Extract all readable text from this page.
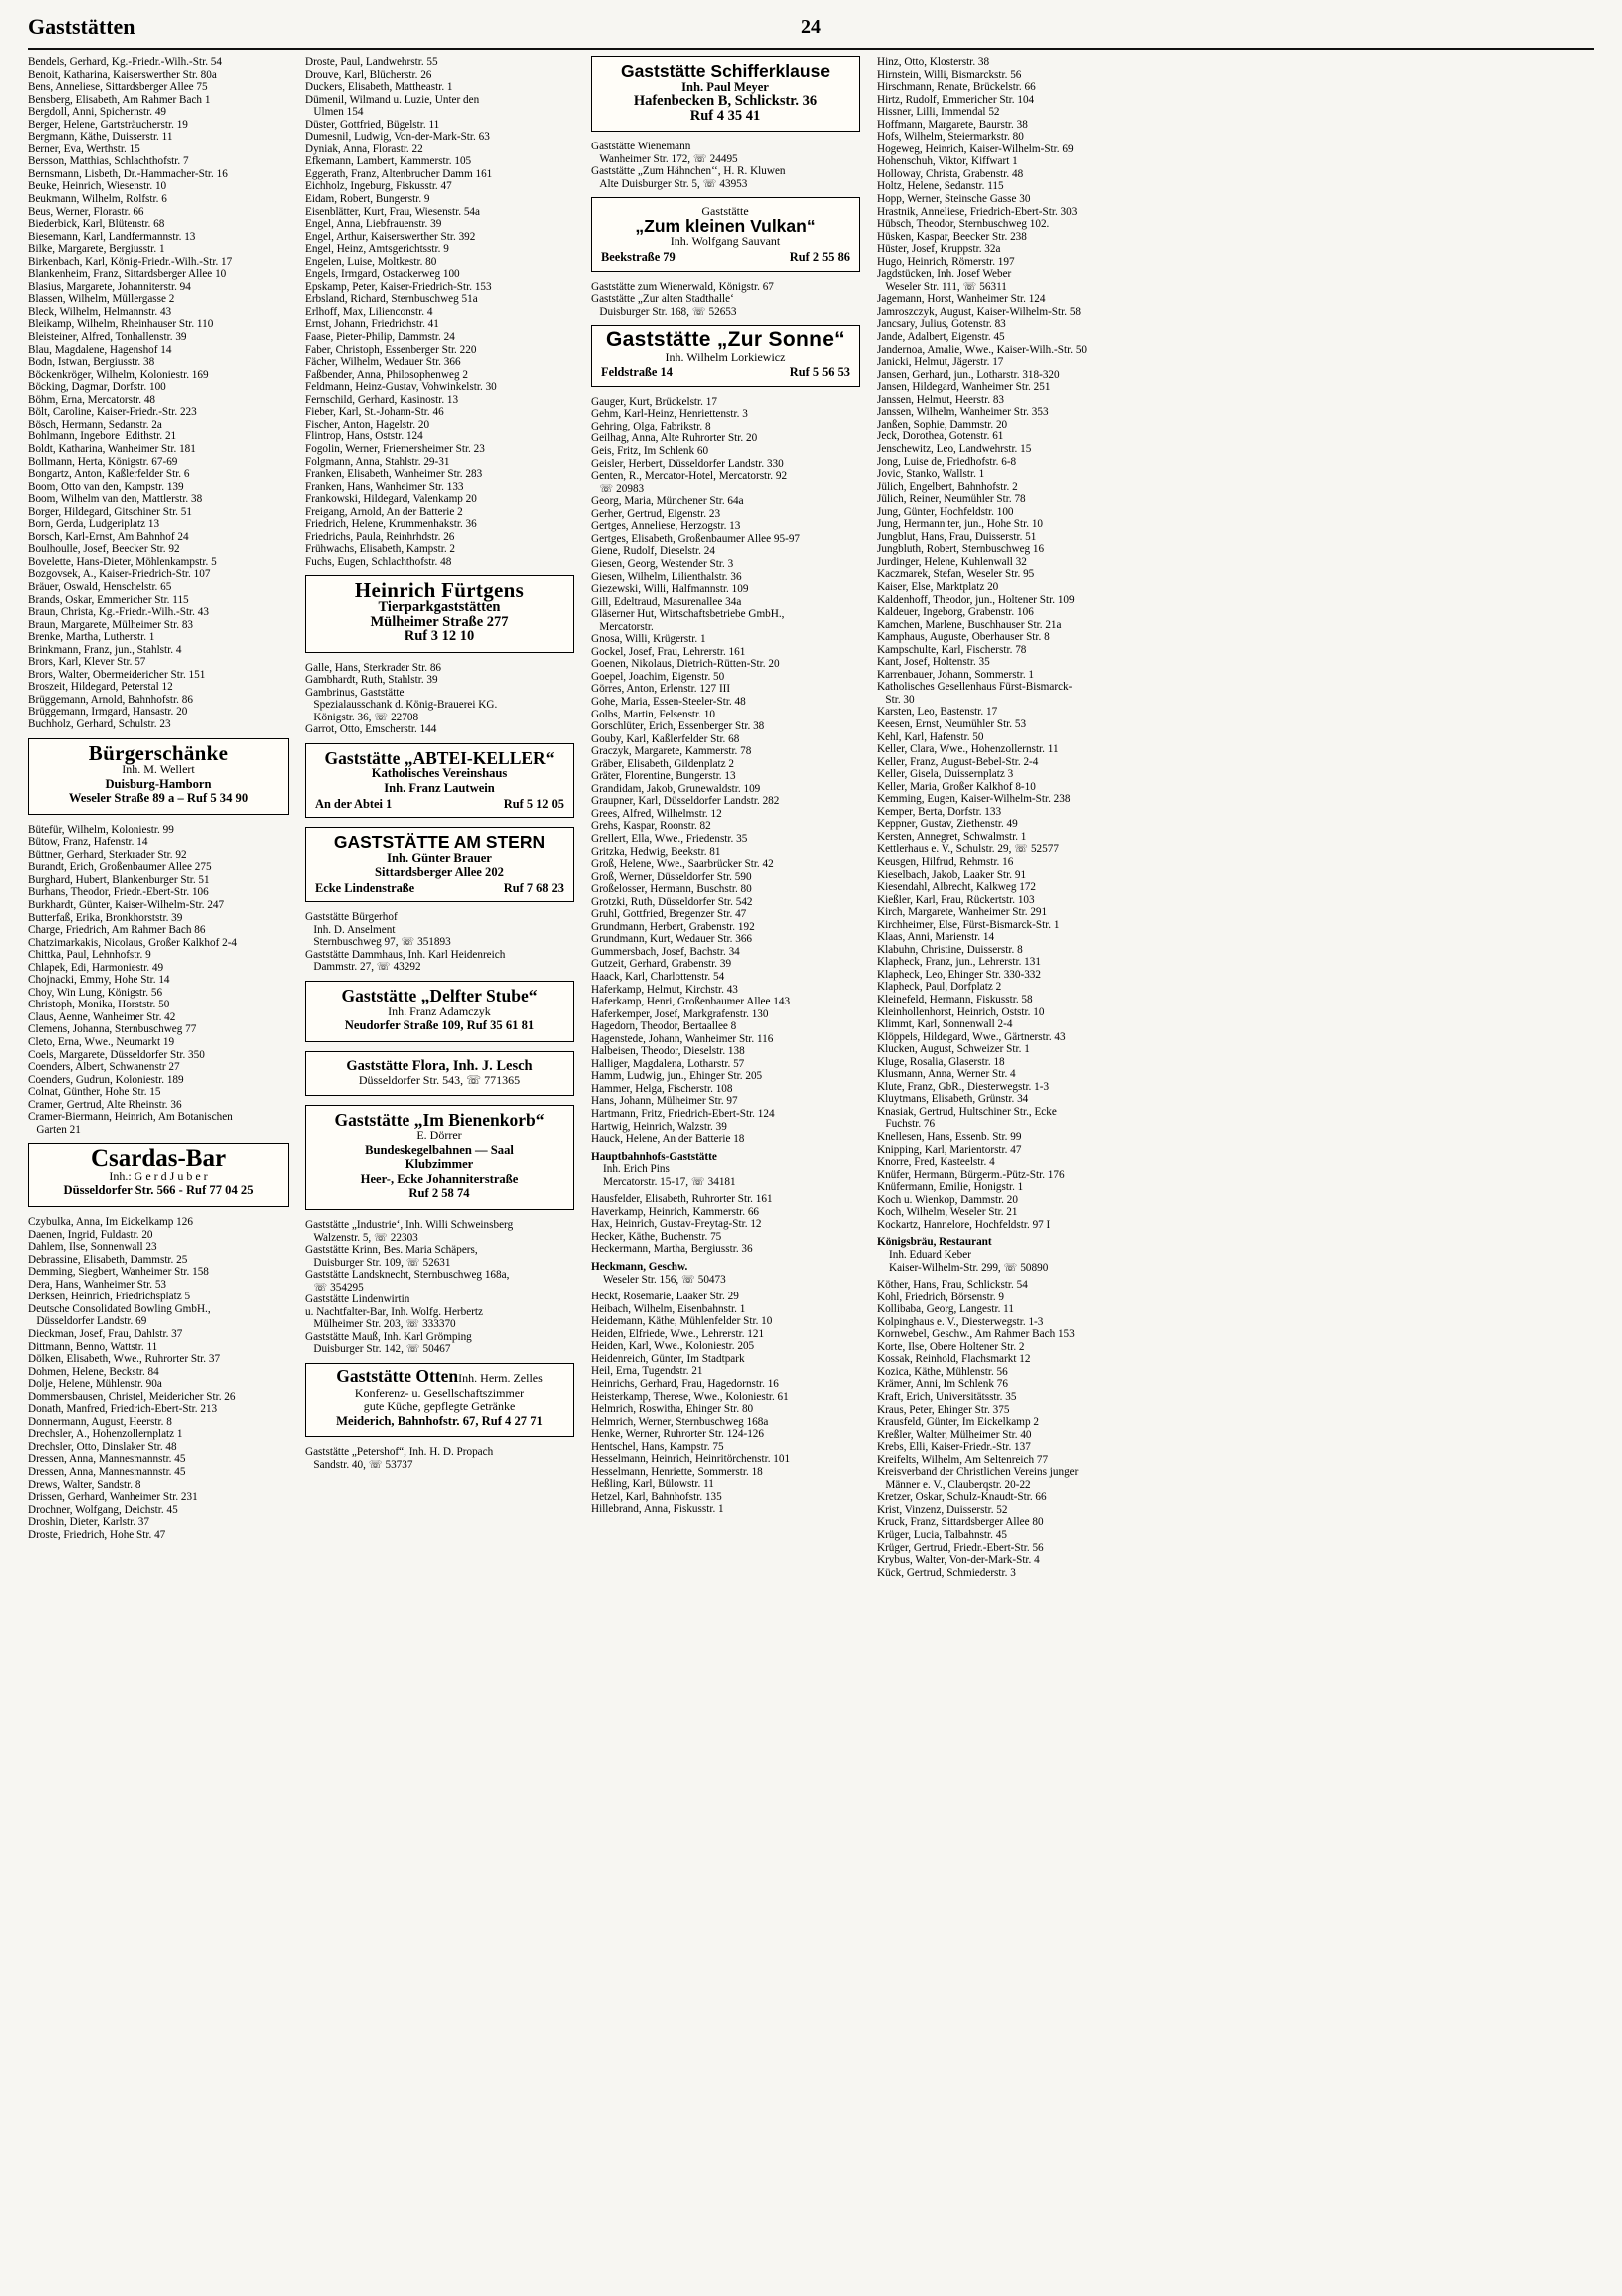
Gaststätten	24
Bendels, Gerhard, Kg.-Friedr.-Wilh.-Str. 54
Benoit, Katharina, Kaiserswerther Str. 80a
Bens, Anneliese, Sittardsberger Allee 75
Bensberg, Elisabeth, Am Rahmer Bach 1
Bergdoll, Anni, Spichernstr. 49
Berger, Helene, Gartsträucherstr. 19
Bergmann, Käthe, Duisserstr. 11
Berner, Eva, Werthstr. 15
Bersson, Matthias, Schlachthofstr. 7
Bernsmann, Lisbeth, Dr.-Hammacher-Str. 16
Beuke, Heinrich, Wiesenstr. 10
Beukmann, Wilhelm, Rolfstr. 6
Beus, Werner, Florastr. 66
Biederbick, Karl, Blütenstr. 68
Biesemann, Karl, Landfermannstr. 13
Bilke, Margarete, Bergiusstr. 1
Birkenbach, Karl, König-Friedr.-Wilh.-Str. 17
Blankenheim, Franz, Sittardsberger Allee 10
Blasius, Margarete, Johanniterstr. 94
Blassen, Wilhelm, Müllergasse 2
Bleck, Wilhelm, Helmannstr. 43
Bleikamp, Wilhelm, Rheinhauser Str. 110
Bleisteiner, Alfred, Tonhallenstr. 39
Blau, Magdalene, Hagenshof 14
Bodn, Istwan, Bergiusstr. 38
Böckenkröger, Wilhelm, Koloniestr. 169
Böcking, Dagmar, Dorfstr. 100
Böhm, Erna, Mercatorstr. 48
Bölt, Caroline, Kaiser-Friedr.-Str. 223
Bösch, Hermann, Sedanstr. 2a
Bohlmann, Ingebore  Edithstr. 21
Boldt, Katharina, Wanheimer Str. 181
Bollmann, Herta, Königstr. 67-69
Bongartz, Anton, Kaßlerfelder Str. 6
Boom, Otto van den, Kampstr. 139
Boom, Wilhelm van den, Mattlerstr. 38
Borger, Hildegard, Gitschiner Str. 51
Born, Gerda, Ludgeriplatz 13
Borsch, Karl-Ernst, Am Bahnhof 24
Boulhoulle, Josef, Beecker Str. 92
Bovelette, Hans-Dieter, Möhlenkampstr. 5
Bozgovsek, A., Kaiser-Friedrich-Str. 107
Bräuer, Oswald, Henschelstr. 65
Brands, Oskar, Emmericher Str. 115
Braun, Christa, Kg.-Friedr.-Wilh.-Str. 43
Braun, Margarete, Mülheimer Str. 83
Brenke, Martha, Lutherstr. 1
Brinkmann, Franz, jun., Stahlstr. 4
Brors, Karl, Klever Str. 57
Brors, Walter, Obermeidericher Str. 151
Broszeit, Hildegard, Peterstal 12
Brüggemann, Arnold, Bahnhofstr. 86
Brüggemann, Irmgard, Hansastr. 20
Buchholz, Gerhard, Schulstr. 23
Bürgerschänke
Inh. M. Wellert
Duisburg-Hamborn
Weseler Straße 89 a – Ruf 5 34 90
Bütefür, Wilhelm, Koloniestr. 99
Bütow, Franz, Hafenstr. 14
Büttner, Gerhard, Sterkrader Str. 92
Burandt, Erich, Großenbaumer Allee 275
Burghard, Hubert, Blankenburger Str. 51
Burhans, Theodor, Friedr.-Ebert-Str. 106
Burkhardt, Günter, Kaiser-Wilhelm-Str. 247
Butterfaß, Erika, Bronkhorststr. 39
Charge, Friedrich, Am Rahmer Bach 86
Chatzimarkakis, Nicolaus, Großer Kalkhof 2-4
Chittka, Paul, Lehnhofstr. 9
Chlapek, Edi, Harmoniestr. 49
Chojnacki, Emmy, Hohe Str. 14
Choy, Win Lung, Königstr. 56
Christoph, Monika, Horststr. 50
Claus, Aenne, Wanheimer Str. 42
Clemens, Johanna, Sternbuschweg 77
Cleto, Erna, Wwe., Neumarkt 19
Coels, Margarete, Düsseldorfer Str. 350
Coenders, Albert, Schwanenstr 27
Coenders, Gudrun, Koloniestr. 189
Colnat, Günther, Hohe Str. 15
Cramer, Gertrud, Alte Rheinstr. 36
Cramer-Biermann, Heinrich, Am Botanischen
Garten 21
Csardas-Bar
Inh.: G e r d J u b e r
Düsseldorfer Str. 566 - Ruf 77 04 25
Czybulka, Anna, Im Eickelkamp 126
Daenen, Ingrid, Fuldastr. 20
Dahlem, Ilse, Sonnenwall 23
Debrassine, Elisabeth, Dammstr. 25
Demming, Siegbert, Wanheimer Str. 158
Dera, Hans, Wanheimer Str. 53
Derksen, Heinrich, Friedrichsplatz 5
Deutsche Consolidated Bowling GmbH.,
Düsseldorfer Landstr. 69
Dieckman, Josef, Frau, Dahlstr. 37
Dittmann, Benno, Wattstr. 11
Dölken, Elisabeth, Wwe., Ruhrorter Str. 37
Dohmen, Helene, Beckstr. 84
Dolje, Helene, Mühlenstr. 90a
Dommersbausen, Christel, Meidericher Str. 26
Donath, Manfred, Friedrich-Ebert-Str. 213
Donnermann, August, Heerstr. 8
Drechsler, A., Hohenzollernplatz 1
Drechsler, Otto, Dinslaker Str. 48
Dressen, Anna, Mannesmannstr. 45
Dressen, Anna, Mannesmannstr. 45
Drews, Walter, Sandstr. 8
Drissen, Gerhard, Wanheimer Str. 231
Drochner, Wolfgang, Deichstr. 45
Droshin, Dieter, Karlstr. 37
Droste, Friedrich, Hohe Str. 47
Droste, Paul, Landwehrstr. 55
Drouve, Karl, Blücherstr. 26
Duckers, Elisabeth, Mattheastr. 1
Dümenil, Wilmand u. Luzie, Unter den
Ulmen 154
Düster, Gottfried, Bügelstr. 11
Dumesnil, Ludwig, Von-der-Mark-Str. 63
Dyniak, Anna, Florastr. 22
Efkemann, Lambert, Kammerstr. 105
Eggerath, Franz, Altenbrucher Damm 161
Eichholz, Ingeburg, Fiskusstr. 47
Eidam, Robert, Bungerstr. 9
Eisenblätter, Kurt, Frau, Wiesenstr. 54a
Engel, Anna, Liebfrauenstr. 39
Engel, Arthur, Kaiserswerther Str. 392
Engel, Heinz, Amtsgerichtsstr. 9
Engelen, Luise, Moltkestr. 80
Engels, Irmgard, Ostackerweg 100
Epskamp, Peter, Kaiser-Friedrich-Str. 153
Erbsland, Richard, Sternbuschweg 51a
Erlhoff, Max, Lilienconstr. 4
Ernst, Johann, Friedrichstr. 41
Faase, Pieter-Philip, Dammstr. 24
Faber, Christoph, Essenberger Str. 220
Fächer, Wilhelm, Wedauer Str. 366
Faßbender, Anna, Philosophenweg 2
Feldmann, Heinz-Gustav, Vohwinkelstr. 30
Fernschild, Gerhard, Kasinostr. 13
Fieber, Karl, St.-Johann-Str. 46
Fischer, Anton, Hagelstr. 20
Flintrop, Hans, Oststr. 124
Fogolin, Werner, Friemersheimer Str. 23
Folgmann, Anna, Stahlstr. 29-31
Franken, Elisabeth, Wanheimer Str. 283
Franken, Hans, Wanheimer Str. 133
Frankowski, Hildegard, Valenkamp 20
Freigang, Arnold, An der Batterie 2
Friedrich, Helene, Krummenhakstr. 36
Friedrichs, Paula, Reinhrhdstr. 26
Frühwachs, Elisabeth, Kampstr. 2
Fuchs, Eugen, Schlachthofstr. 48
Heinrich Fürtgens
Tierparkgaststätten
Mülheimer Straße 277
Ruf 3 12 10
Galle, Hans, Sterkrader Str. 86
Gambhardt, Ruth, Stahlstr. 39
Gambrinus, Gaststätte
Spezialausschank d. König-Brauerei KG.
Königstr. 36, ☏ 22708
Garrot, Otto, Emscherstr. 144
Gaststätte „ABTEI-KELLER“
Katholisches Vereinshaus
Inh. Franz Lautwein
An der Abtei 1	Ruf 5 12 05
GASTSTÄTTE AM STERN
Inh. Günter Brauer
Sittardsberger Allee 202
Ecke Lindenstraße	Ruf 7 68 23
Gaststätte Bürgerhof
Inh. D. Anselment
Sternbuschweg 97, ☏ 351893
Gaststätte Dammhaus, Inh. Karl Heidenreich
Dammstr. 27, ☏ 43292
Gaststätte „Delfter Stube“
Inh. Franz Adamczyk
Neudorfer Straße 109, Ruf 35 61 81
Gaststätte Flora, Inh. J. Lesch
Düsseldorfer Str. 543, ☏ 771365
Gaststätte „Im Bienenkorb“
E. Dörrer
Bundeskegelbahnen — Saal
Klubzimmer
Heer-, Ecke Johanniterstraße
Ruf 2 58 74
Gaststätte „Industrie‘, Inh. Willi Schweinsberg
Walzenstr. 5, ☏ 22303
Gaststätte Krinn, Bes. Maria Schäpers,
Duisburger Str. 109, ☏ 52631
Gaststätte Landsknecht, Sternbuschweg 168a,
☏ 354295
Gaststätte Lindenwirtin
u. Nachtfalter-Bar, Inh. Wolfg. Herbertz
Mülheimer Str. 203, ☏ 333370
Gaststätte Mauß, Inh. Karl Grömping
Duisburger Str. 142, ☏ 50467
Gaststätte OttenInh. Herm. Zelles
Konferenz- u. Gesellschaftszimmer
gute Küche, gepflegte Getränke
Meiderich, Bahnhofstr. 67, Ruf 4 27 71
Gaststätte „Petershof“, Inh. H. D. Propach
Sandstr. 40, ☏ 53737
Gaststätte Schifferklause
Inh. Paul Meyer
Hafenbecken B, Schlickstr. 36
Ruf 4 35 41
Gaststätte Wienemann
Wanheimer Str. 172, ☏ 24495
Gaststätte „Zum Hähnchen‘‘, H. R. Kluwen
Alte Duisburger Str. 5, ☏ 43953
Gaststätte
„Zum kleinen Vulkan“
Inh. Wolfgang Sauvant
Beekstraße 79	Ruf 2 55 86
Gaststätte zum Wienerwald, Königstr. 67
Gaststätte „Zur alten Stadthalle‘
Duisburger Str. 168, ☏ 52653
Gaststätte „Zur Sonne“
Inh. Wilhelm Lorkiewicz
Feldstraße 14	Ruf 5 56 53
Gauger, Kurt, Brückelstr. 17
Gehm, Karl-Heinz, Henriettenstr. 3
Gehring, Olga, Fabrikstr. 8
Geilhag, Anna, Alte Ruhrorter Str. 20
Geis, Fritz, Im Schlenk 60
Geisler, Herbert, Düsseldorfer Landstr. 330
Genten, R., Mercator-Hotel, Mercatorstr. 92
☏ 20983
Georg, Maria, Münchener Str. 64a
Gerher, Gertrud, Eigenstr. 23
Gertges, Anneliese, Herzogstr. 13
Gertges, Elisabeth, Großenbaumer Allee 95-97
Giene, Rudolf, Dieselstr. 24
Giesen, Georg, Westender Str. 3
Giesen, Wilhelm, Lilienthalstr. 36
Giezewski, Willi, Halfmannstr. 109
Gill, Edeltraud, Masurenallee 34a
Gläserner Hut, Wirtschaftsbetriebe GmbH.,
Mercatorstr.
Gnosa, Willi, Krügerstr. 1
Gockel, Josef, Frau, Lehrerstr. 161
Goenen, Nikolaus, Dietrich-Rütten-Str. 20
Goepel, Joachim, Eigenstr. 50
Görres, Anton, Erlenstr. 127 III
Gohe, Maria, Essen-Steeler-Str. 48
Golbs, Martin, Felsenstr. 10
Gorschlüter, Erich, Essenberger Str. 38
Gouby, Karl, Kaßlerfelder Str. 68
Graczyk, Margarete, Kammerstr. 78
Gräber, Elisabeth, Gildenplatz 2
Gräter, Florentine, Bungerstr. 13
Grandidam, Jakob, Grunewaldstr. 109
Graupner, Karl, Düsseldorfer Landstr. 282
Grees, Alfred, Wilhelmstr. 12
Grehs, Kaspar, Roonstr. 82
Grellert, Ella, Wwe., Friedenstr. 35
Gritzka, Hedwig, Beekstr. 81
Groß, Helene, Wwe., Saarbrücker Str. 42
Groß, Werner, Düsseldorfer Str. 590
Großelosser, Hermann, Buschstr. 80
Grotzki, Ruth, Düsseldorfer Str. 542
Gruhl, Gottfried, Bregenzer Str. 47
Grundmann, Herbert, Grabenstr. 192
Grundmann, Kurt, Wedauer Str. 366
Gummersbach, Josef, Bachstr. 34
Gutzeit, Gerhard, Grabenstr. 39
Haack, Karl, Charlottenstr. 54
Haferkamp, Helmut, Kirchstr. 43
Haferkamp, Henri, Großenbaumer Allee 143
Haferkemper, Josef, Markgrafenstr. 130
Hagedorn, Theodor, Bertaallee 8
Hagenstede, Johann, Wanheimer Str. 116
Halbeisen, Theodor, Dieselstr. 138
Halliger, Magdalena, Lotharstr. 57
Hamm, Ludwig, jun., Ehinger Str. 205
Hammer, Helga, Fischerstr. 108
Hans, Johann, Mülheimer Str. 97
Hartmann, Fritz, Friedrich-Ebert-Str. 124
Hartwig, Heinrich, Walzstr. 39
Hauck, Helene, An der Batterie 18
Hauptbahnhofs-Gaststätte
Inh. Erich Pins
Mercatorstr. 15-17, ☏ 34181
Hausfelder, Elisabeth, Ruhrorter Str. 161
Haverkamp, Heinrich, Kammerstr. 66
Hax, Heinrich, Gustav-Freytag-Str. 12
Hecker, Käthe, Buchenstr. 75
Heckermann, Martha, Bergiusstr. 36
Heckmann, Geschw.
Weseler Str. 156, ☏ 50473
Heckt, Rosemarie, Laaker Str. 29
Heibach, Wilhelm, Eisenbahnstr. 1
Heidemann, Käthe, Mühlenfelder Str. 10
Heiden, Elfriede, Wwe., Lehrerstr. 121
Heiden, Karl, Wwe., Koloniestr. 205
Heidenreich, Günter, Im Stadtpark
Heil, Erna, Tugendstr. 21
Heinrichs, Gerhard, Frau, Hagedornstr. 16
Heisterkamp, Therese, Wwe., Koloniestr. 61
Helmrich, Roswitha, Ehinger Str. 80
Helmrich, Werner, Sternbuschweg 168a
Henke, Werner, Ruhrorter Str. 124-126
Hentschel, Hans, Kampstr. 75
Hesselmann, Heinrich, Heinritörchenstr. 101
Hesselmann, Henriette, Sommerstr. 18
Heßling, Karl, Bülowstr. 11
Hetzel, Karl, Bahnhofstr. 135
Hillebrand, Anna, Fiskusstr. 1
Hinz, Otto, Klosterstr. 38
Hirnstein, Willi, Bismarckstr. 56
Hirschmann, Renate, Brückelstr. 66
Hirtz, Rudolf, Emmericher Str. 104
Hissner, Lilli, Immendal 52
Hoffmann, Margarete, Baurstr. 38
Hofs, Wilhelm, Steiermarkstr. 80
Hogeweg, Heinrich, Kaiser-Wilhelm-Str. 69
Hohenschuh, Viktor, Kiffwart 1
Holloway, Christa, Grabenstr. 48
Holtz, Helene, Sedanstr. 115
Hopp, Werner, Steinsche Gasse 30
Hrastnik, Anneliese, Friedrich-Ebert-Str. 303
Hübsch, Theodor, Sternbuschweg 102.
Hüsken, Kaspar, Beecker Str. 238
Hüster, Josef, Kruppstr. 32a
Hugo, Heinrich, Römerstr. 197
Jagdstücken, Inh. Josef Weber
Weseler Str. 111, ☏ 56311
Jagemann, Horst, Wanheimer Str. 124
Jamroszczyk, August, Kaiser-Wilhelm-Str. 58
Jancsary, Julius, Gotenstr. 83
Jande, Adalbert, Eigenstr. 45
Jandernoa, Amalie, Wwe., Kaiser-Wilh.-Str. 50
Janicki, Helmut, Jägerstr. 17
Jansen, Gerhard, jun., Lotharstr. 318-320
Jansen, Hildegard, Wanheimer Str. 251
Janssen, Helmut, Heerstr. 83
Janssen, Wilhelm, Wanheimer Str. 353
Janßen, Sophie, Dammstr. 20
Jeck, Dorothea, Gotenstr. 61
Jenschewitz, Leo, Landwehrstr. 15
Jong, Luise de, Friedhofstr. 6-8
Jovic, Stanko, Wallstr. 1
Jülich, Engelbert, Bahnhofstr. 2
Jülich, Reiner, Neumühler Str. 78
Jung, Günter, Hochfeldstr. 100
Jung, Hermann ter, jun., Hohe Str. 10
Jungblut, Hans, Frau, Duisserstr. 51
Jungbluth, Robert, Sternbuschweg 16
Jurdinger, Helene, Kuhlenwall 32
Kaczmarek, Stefan, Weseler Str. 95
Kaiser, Else, Marktplatz 20
Kaldenhoff, Theodor, jun., Holtener Str. 109
Kaldeuer, Ingeborg, Grabenstr. 106
Kamchen, Marlene, Buschhauser Str. 21a
Kamphaus, Auguste, Oberhauser Str. 8
Kampschulte, Karl, Fischerstr. 78
Kant, Josef, Holtenstr. 35
Karrenbauer, Johann, Sommerstr. 1
Katholisches Gesellenhaus Fürst-Bismarck-
Str. 30
Karsten, Leo, Bastenstr. 17
Keesen, Ernst, Neumühler Str. 53
Kehl, Karl, Hafenstr. 50
Keller, Clara, Wwe., Hohenzollernstr. 11
Keller, Franz, August-Bebel-Str. 2-4
Keller, Gisela, Duissernplatz 3
Keller, Maria, Großer Kalkhof 8-10
Kemming, Eugen, Kaiser-Wilhelm-Str. 238
Kemper, Berta, Dorfstr. 133
Keppner, Gustav, Ziethenstr. 49
Kersten, Annegret, Schwalmstr. 1
Kettlerhaus e. V., Schulstr. 29, ☏ 52577
Keusgen, Hilfrud, Rehmstr. 16
Kieselbach, Jakob, Laaker Str. 91
Kiesendahl, Albrecht, Kalkweg 172
Kießler, Karl, Frau, Rückertstr. 103
Kirch, Margarete, Wanheimer Str. 291
Kirchheimer, Else, Fürst-Bismarck-Str. 1
Klaas, Anni, Marienstr. 14
Klabuhn, Christine, Duisserstr. 8
Klapheck, Franz, jun., Lehrerstr. 131
Klapheck, Leo, Ehinger Str. 330-332
Klapheck, Paul, Dorfplatz 2
Kleinefeld, Hermann, Fiskusstr. 58
Kleinhollenhorst, Heinrich, Oststr. 10
Klimmt, Karl, Sonnenwall 2-4
Klöppels, Hildegard, Wwe., Gärtnerstr. 43
Klucken, August, Schweizer Str. 1
Kluge, Rosalia, Glaserstr. 18
Klusmann, Anna, Werner Str. 4
Klute, Franz, GbR., Diesterwegstr. 1-3
Kluytmans, Elisabeth, Grünstr. 34
Knasiak, Gertrud, Hultschiner Str., Ecke
Fuchstr. 76
Knellesen, Hans, Essenb. Str. 99
Knipping, Karl, Marientorstr. 47
Knorre, Fred, Kasteelstr. 4
Knüfer, Hermann, Bürgerm.-Pütz-Str. 176
Knüfermann, Emilie, Honigstr. 1
Koch u. Wienkop, Dammstr. 20
Koch, Wilhelm, Weseler Str. 21
Kockartz, Hannelore, Hochfeldstr. 97 I
Königsbräu, Restaurant
Inh. Eduard Keber
Kaiser-Wilhelm-Str. 299, ☏ 50890
Köther, Hans, Frau, Schlickstr. 54
Kohl, Friedrich, Börsenstr. 9
Kollibaba, Georg, Langestr. 11
Kolpinghaus e. V., Diesterwegstr. 1-3
Kornwebel, Geschw., Am Rahmer Bach 153
Korte, Ilse, Obere Holtener Str. 2
Kossak, Reinhold, Flachsmarkt 12
Kozica, Käthe, Mühlenstr. 56
Krämer, Anni, Im Schlenk 76
Kraft, Erich, Universitätsstr. 35
Kraus, Peter, Ehinger Str. 375
Krausfeld, Günter, Im Eickelkamp 2
Kreßler, Walter, Mülheimer Str. 40
Krebs, Elli, Kaiser-Friedr.-Str. 137
Kreifelts, Wilhelm, Am Seltenreich 77
Kreisverband der Christlichen Vereins junger
Männer e. V., Clauberqstr. 20-22
Kretzer, Oskar, Schulz-Knaudt-Str. 66
Krist, Vinzenz, Duisserstr. 52
Kruck, Franz, Sittardsberger Allee 80
Krüger, Lucia, Talbahnstr. 45
Krüger, Gertrud, Friedr.-Ebert-Str. 56
Krybus, Walter, Von-der-Mark-Str. 4
Kück, Gertrud, Schmiederstr. 3
